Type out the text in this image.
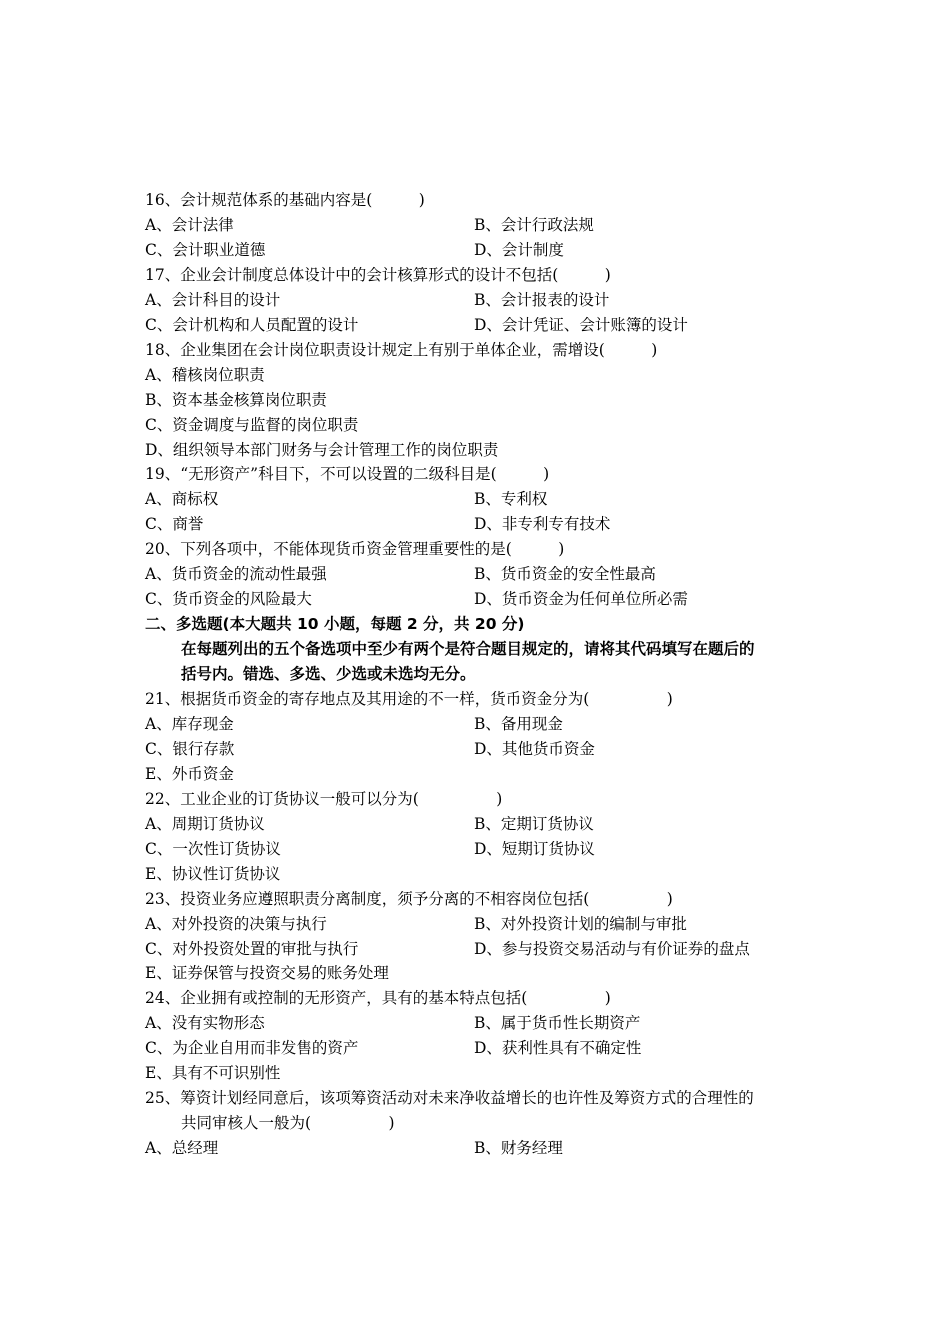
16、会计规范体系的基础内容是(　　　)
A、会计法律	B、会计行政法规
C、会计职业道德	D、会计制度
17、企业会计制度总体设计中的会计核算形式的设计不包括(　　　)
A、会计科目的设计	B、会计报表的设计
C、会计机构和人员配置的设计	D、会计凭证、会计账簿的设计
18、企业集团在会计岗位职责设计规定上有别于单体企业，需增设(　　　)
A、稽核岗位职责
B、资本基金核算岗位职责
C、资金调度与监督的岗位职责
D、组织领导本部门财务与会计管理工作的岗位职责
19、“无形资产”科目下，不可以设置的二级科目是(　　　)
A、商标权	B、专利权
C、商誉	D、非专利专有技术
20、下列各项中，不能体现货币资金管理重要性的是(　　　)
A、货币资金的流动性最强	B、货币资金的安全性最高
C、货币资金的风险最大	D、货币资金为任何单位所必需
二、多选题(本大题共 10 小题，每题 2 分，共 20 分)
在每题列出的五个备选项中至少有两个是符合题目规定的，请将其代码填写在题后的
括号内。错选、多选、少选或未选均无分。
21、根据货币资金的寄存地点及其用途的不一样，货币资金分为(　　　　　)
A、库存现金	B、备用现金
C、银行存款	D、其他货币资金
E、外币资金
22、工业企业的订货协议一般可以分为(　　　　　)
A、周期订货协议	B、定期订货协议
C、一次性订货协议	D、短期订货协议
E、协议性订货协议
23、投资业务应遵照职责分离制度，须予分离的不相容岗位包括(　　　　　)
A、对外投资的决策与执行	B、对外投资计划的编制与审批
C、对外投资处置的审批与执行	D、参与投资交易活动与有价证券的盘点
E、证券保管与投资交易的账务处理
24、企业拥有或控制的无形资产，具有的基本特点包括(　　　　　)
A、没有实物形态	B、属于货币性长期资产
C、为企业自用而非发售的资产	D、获利性具有不确定性
E、具有不可识别性
25、筹资计划经同意后，该项筹资活动对未来净收益增长的也许性及筹资方式的合理性的
共同审核人一般为(　　　　　)
A、总经理	B、财务经理
